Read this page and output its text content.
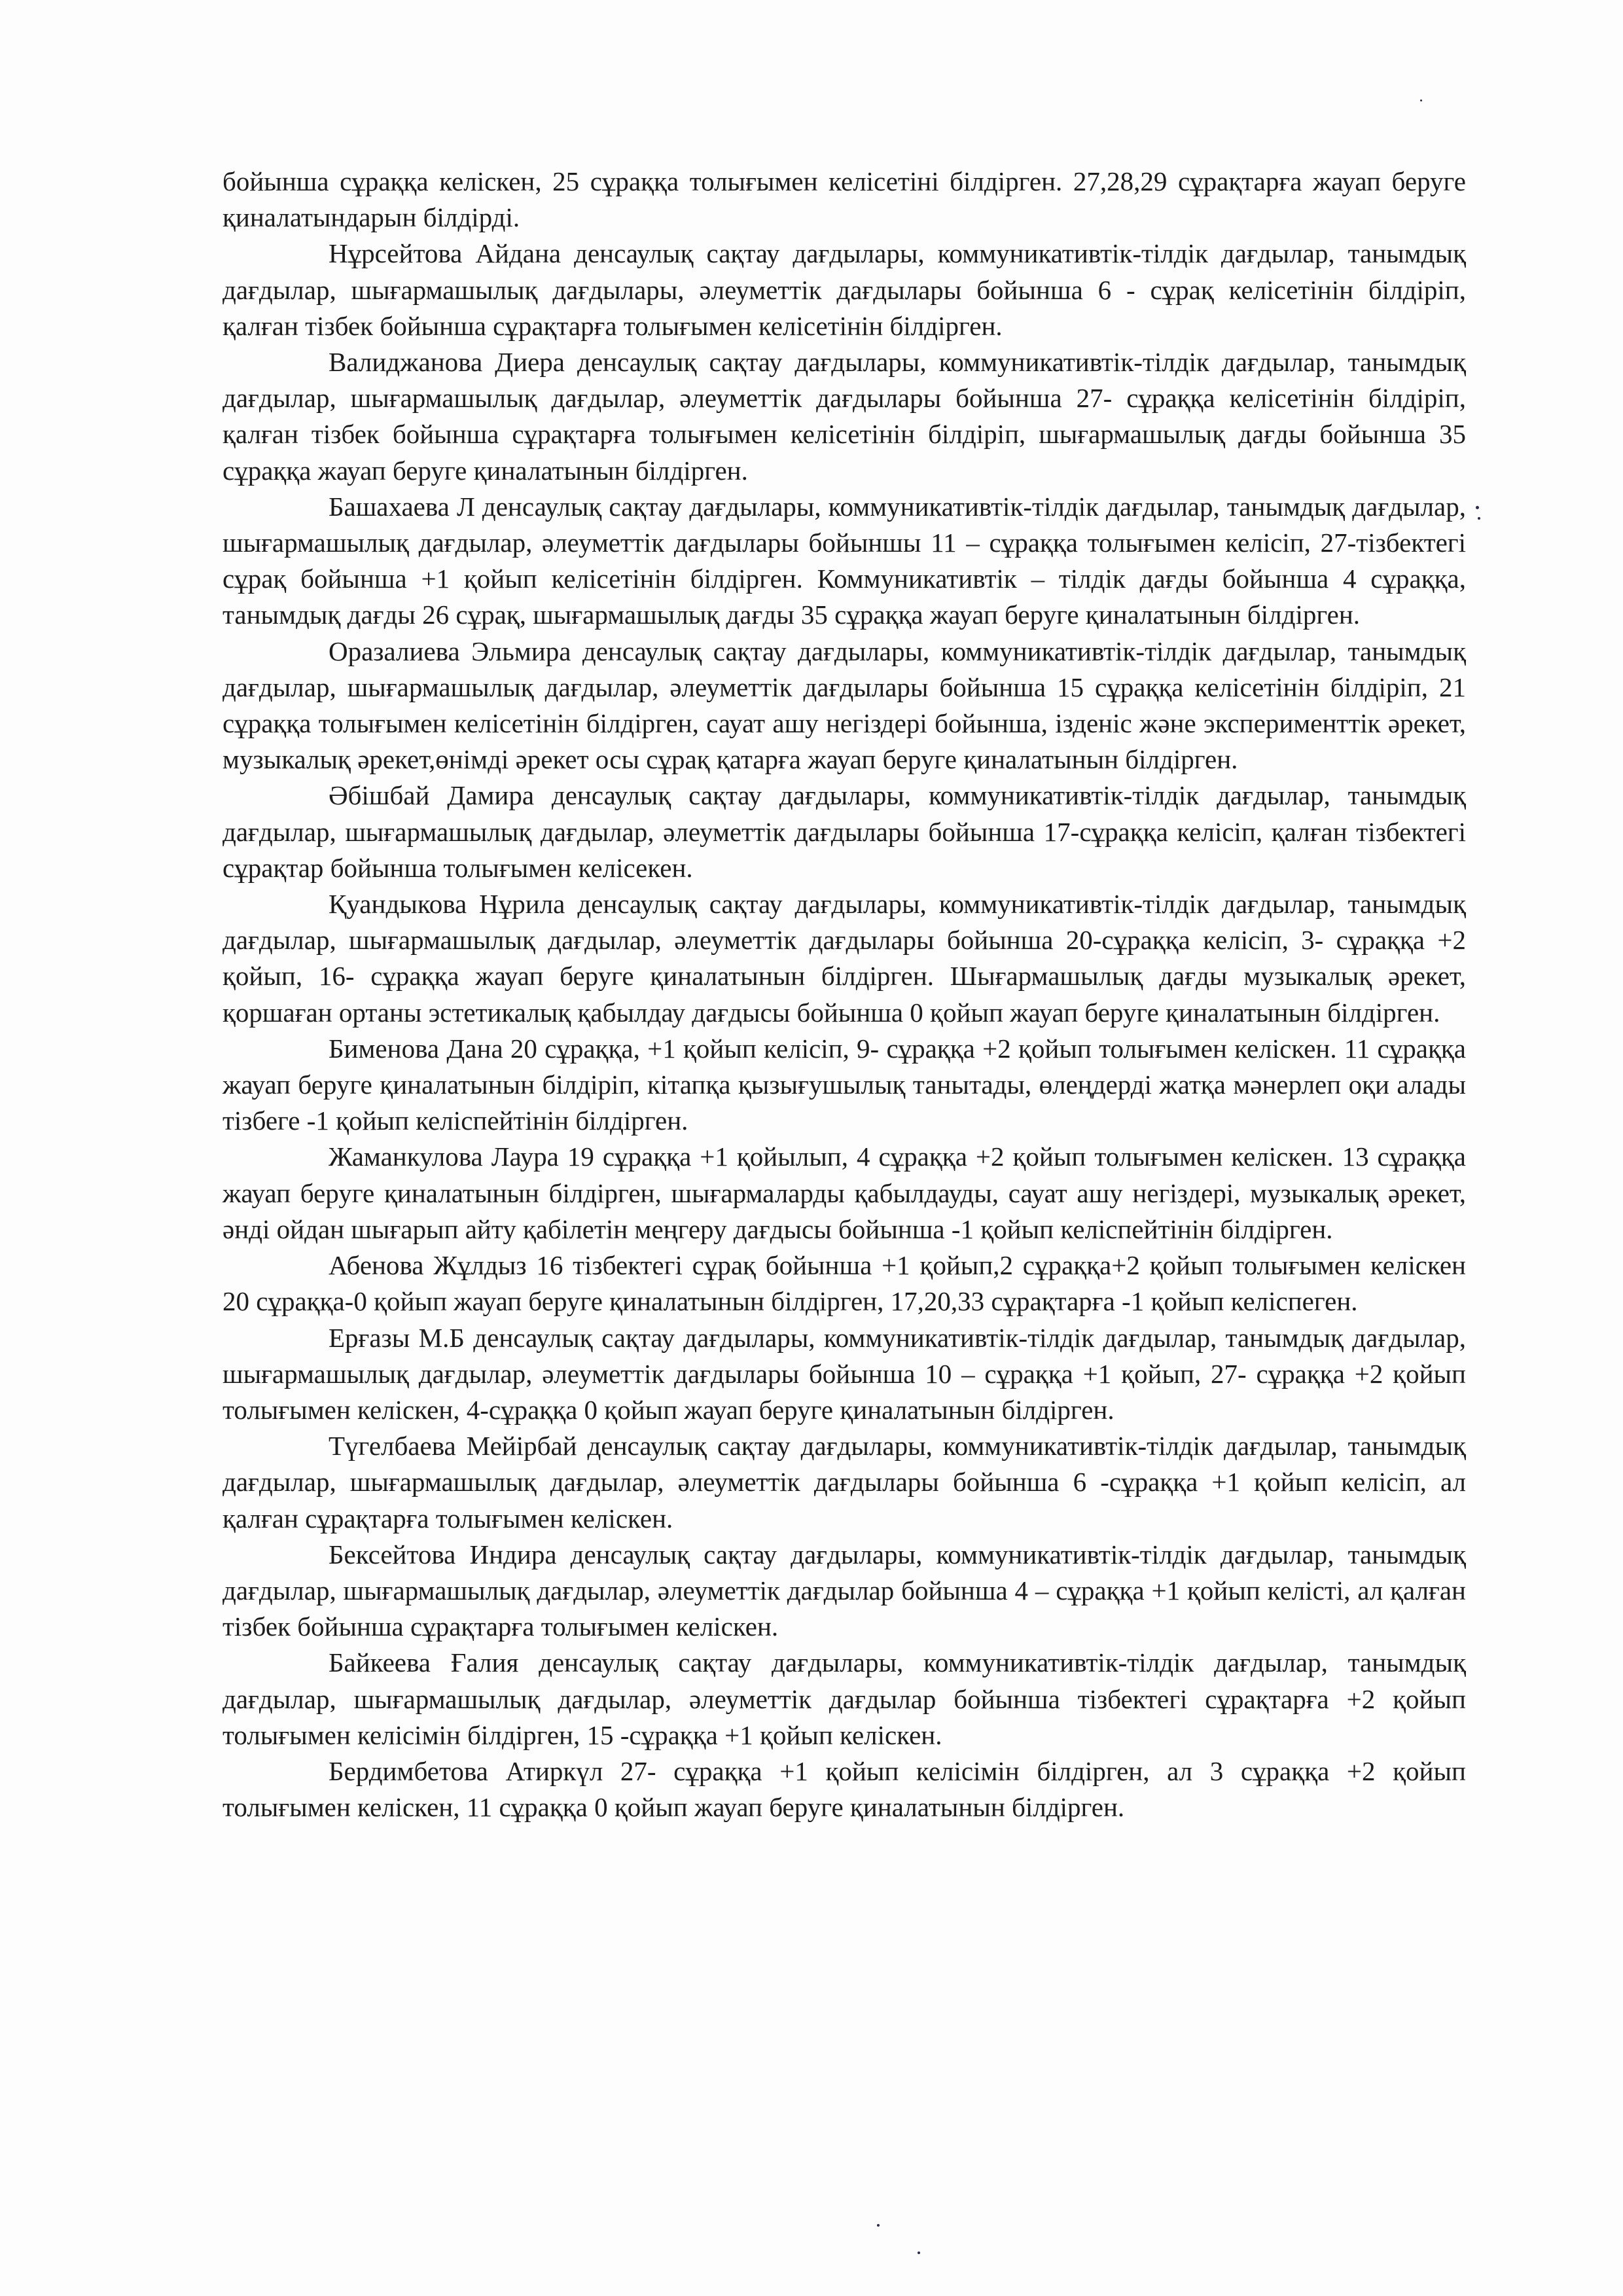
бойынша сұраққа келіскен, 25 сұраққа толығымен келісетіні білдірген. 27,28,29 сұрақтарға жауап беруге қиналатындарын білдірді.

Нұрсейтова Айдана денсаулық сақтау дағдылары, коммуникативтік-тілдік дағдылар, танымдық дағдылар, шығармашылық дағдылары, әлеуметтік дағдылары бойынша 6 - сұрақ келісетінін білдіріп, қалған тізбек бойынша сұрақтарға толығымен келісетінін білдірген.

Валиджанова Диера денсаулық сақтау дағдылары, коммуникативтік-тілдік дағдылар, танымдық дағдылар, шығармашылық дағдылар, әлеуметтік дағдылары бойынша 27- сұраққа келісетінін білдіріп, қалған тізбек бойынша сұрақтарға толығымен келісетінін білдіріп, шығармашылық дағды бойынша 35 сұраққа жауап беруге қиналатынын білдірген.

Башахаева Л денсаулық сақтау дағдылары, коммуникативтік-тілдік дағдылар, танымдық дағдылар, шығармашылық дағдылар, әлеуметтік дағдылары бойыншы 11 – сұраққа толығымен келісіп, 27-тізбектегі сұрақ бойынша +1 қойып келісетінін білдірген. Коммуникативтік – тілдік дағды бойынша 4 сұраққа, танымдық дағды 26 сұрақ, шығармашылық дағды 35 сұраққа жауап беруге қиналатынын білдірген.

Оразалиева Эльмира денсаулық сақтау дағдылары, коммуникативтік-тілдік дағдылар, танымдық дағдылар, шығармашылық дағдылар, әлеуметтік дағдылары бойынша 15 сұраққа келісетінін білдіріп, 21 сұраққа толығымен келісетінін білдірген, сауат ашу негіздері бойынша, ізденіс және эксперименттік әрекет, музыкалық әрекет,өнімді әрекет осы сұрақ қатарға жауап беруге қиналатынын білдірген.

Әбішбай Дамира денсаулық сақтау дағдылары, коммуникативтік-тілдік дағдылар, танымдық дағдылар, шығармашылық дағдылар, әлеуметтік дағдылары бойынша 17-сұраққа келісіп, қалған тізбектегі сұрақтар бойынша толығымен келісекен.

Қуандыкова Нұрила денсаулық сақтау дағдылары, коммуникативтік-тілдік дағдылар, танымдық дағдылар, шығармашылық дағдылар, әлеуметтік дағдылары бойынша 20-сұраққа келісіп, 3- сұраққа +2 қойып, 16- сұраққа жауап беруге қиналатынын білдірген. Шығармашылық дағды музыкалық әрекет, қоршаған ортаны эстетикалық қабылдау дағдысы бойынша 0 қойып жауап беруге қиналатынын білдірген.

Бименова Дана 20 сұраққа, +1 қойып келісіп, 9- сұраққа +2 қойып толығымен келіскен. 11 сұраққа жауап беруге қиналатынын білдіріп, кітапқа қызығушылық танытады, өлеңдерді жатқа мәнерлеп оқи алады тізбеге -1 қойып келіспейтінін білдірген.

Жаманкулова Лаура 19 сұраққа +1 қойылып, 4 сұраққа +2 қойып толығымен келіскен. 13 сұраққа жауап беруге қиналатынын білдірген, шығармаларды қабылдауды, сауат ашу негіздері, музыкалық әрекет, әнді ойдан шығарып айту қабілетін меңгеру дағдысы бойынша -1 қойып келіспейтінін білдірген.

Абенова Жұлдыз 16 тізбектегі сұрақ бойынша +1 қойып,2 сұраққа+2 қойып толығымен келіскен 20 сұраққа-0 қойып жауап беруге қиналатынын білдірген, 17,20,33 сұрақтарға -1 қойып келіспеген.

Ерғазы М.Б денсаулық сақтау дағдылары, коммуникативтік-тілдік дағдылар, танымдық дағдылар, шығармашылық дағдылар, әлеуметтік дағдылары бойынша 10 – сұраққа +1 қойып, 27- сұраққа +2 қойып толығымен келіскен, 4-сұраққа 0 қойып жауап беруге қиналатынын білдірген.

Түгелбаева Мейірбай денсаулық сақтау дағдылары, коммуникативтік-тілдік дағдылар, танымдық дағдылар, шығармашылық дағдылар, әлеуметтік дағдылары бойынша 6 -сұраққа +1 қойып келісіп, ал қалған сұрақтарға толығымен келіскен.

Бексейтова Индира денсаулық сақтау дағдылары, коммуникативтік-тілдік дағдылар, танымдық дағдылар, шығармашылық дағдылар, әлеуметтік дағдылар бойынша 4 – сұраққа +1 қойып келісті, ал қалған тізбек бойынша сұрақтарға толығымен келіскен.

Байкеева Ғалия денсаулық сақтау дағдылары, коммуникативтік-тілдік дағдылар, танымдық дағдылар, шығармашылық дағдылар, әлеуметтік дағдылар бойынша тізбектегі сұрақтарға +2 қойып толығымен келісімін білдірген, 15 -сұраққа +1 қойып келіскен.

Бердимбетова Атиркүл 27- сұраққа +1 қойып келісімін білдірген, ал 3 сұраққа +2 қойып толығымен келіскен, 11 сұраққа 0 қойып жауап беруге қиналатынын білдірген.
